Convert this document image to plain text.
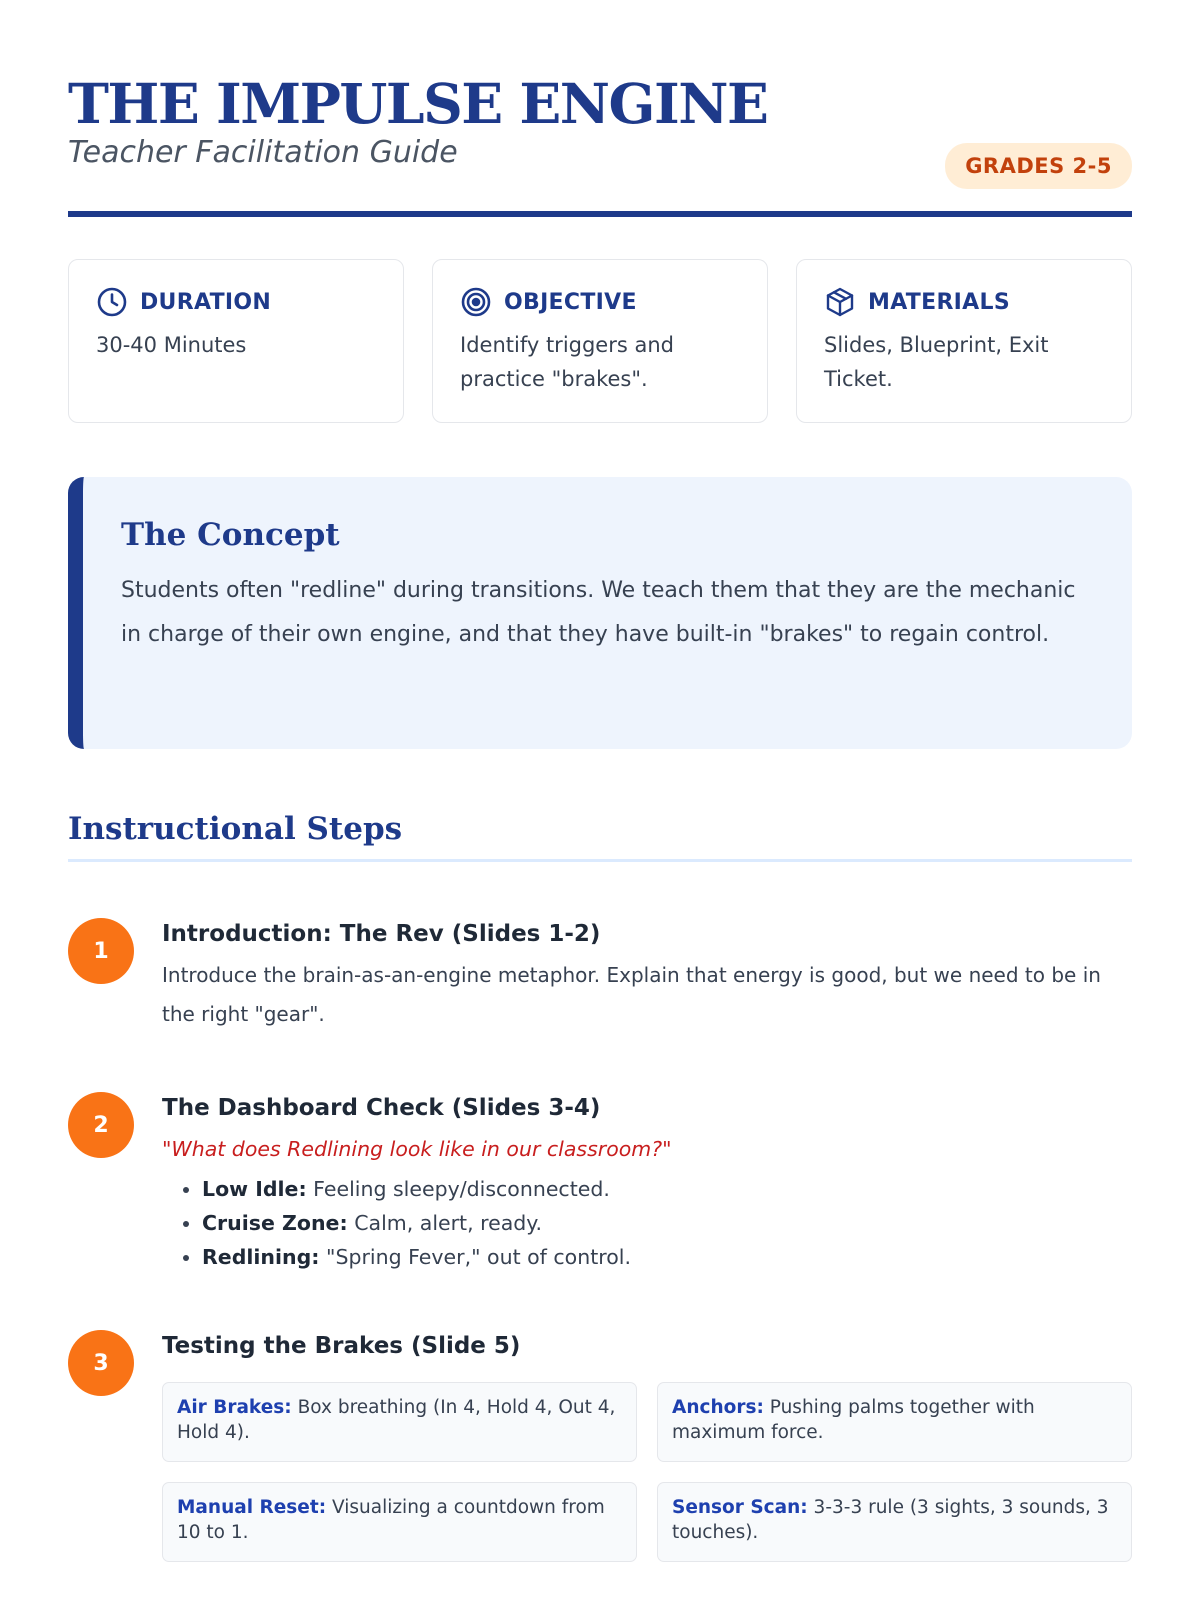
THE IMPULSE ENGINE
Teacher Facilitation Guide	GRADES 2-5
DURATION
30-40 Minutes
OBJECTIVE
Identify triggers and practice "brakes".
MATERIALS
Slides, Blueprint, Exit Ticket.
The Concept

Students often "redline" during transitions. We teach them that they are the mechanic in charge of their own engine, and that they have built-in "brakes" to regain control.

Instructional Steps
1
Introduction: The Rev (Slides 1-2)
Introduce the brain-as-an-engine metaphor. Explain that energy is good, but we need to be in the right "gear".
2
The Dashboard Check (Slides 3-4)
"What does Redlining look like in our classroom?"
• Low Idle: Feeling sleepy/disconnected.
• Cruise Zone: Calm, alert, ready.
• Redlining: "Spring Fever," out of control.
3
Testing the Brakes (Slide 5)
Air Brakes: Box breathing (In 4, Hold 4, Out 4, Hold 4).
Anchors: Pushing palms together with maximum force.
Manual Reset: Visualizing a countdown from 10 to 1.
Sensor Scan: 3-3-3 rule (3 sights, 3 sounds, 3 touches).
